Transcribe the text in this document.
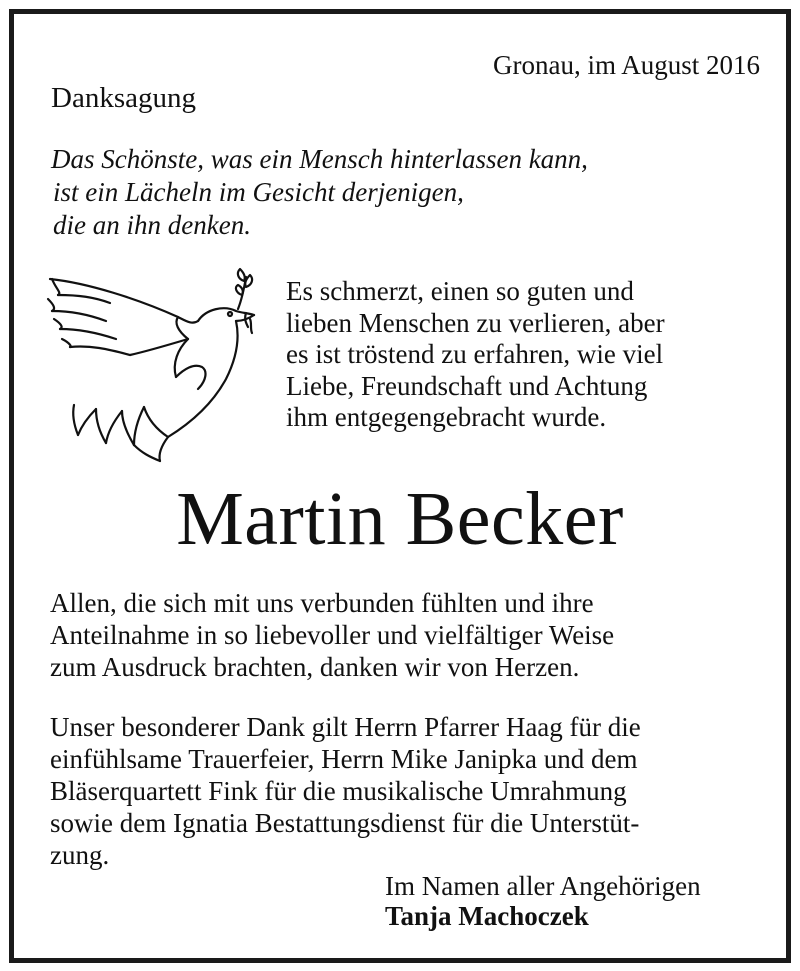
Gronau, im August 2016
Danksagung
Das Schönste, was ein Mensch hinterlassen kann,
ist ein Lächeln im Gesicht derjenigen,
die an ihn denken.
Es schmerzt, einen so guten und
lieben Menschen zu verlieren, aber
es ist tröstend zu erfahren, wie viel
Liebe, Freundschaft und Achtung
ihm entgegengebracht wurde.
Martin Becker
Allen, die sich mit uns verbunden fühlten und ihre
Anteilnahme in so liebevoller und vielfältiger Weise
zum Ausdruck brachten, danken wir von Herzen.
Unser besonderer Dank gilt Herrn Pfarrer Haag für die
einfühlsame Trauerfeier, Herrn Mike Janipka und dem
Bläserquartett Fink für die musikalische Umrahmung
sowie dem Ignatia Bestattungsdienst für die Unterstüt-
zung.
Im Namen aller Angehörigen
Tanja Machoczek
